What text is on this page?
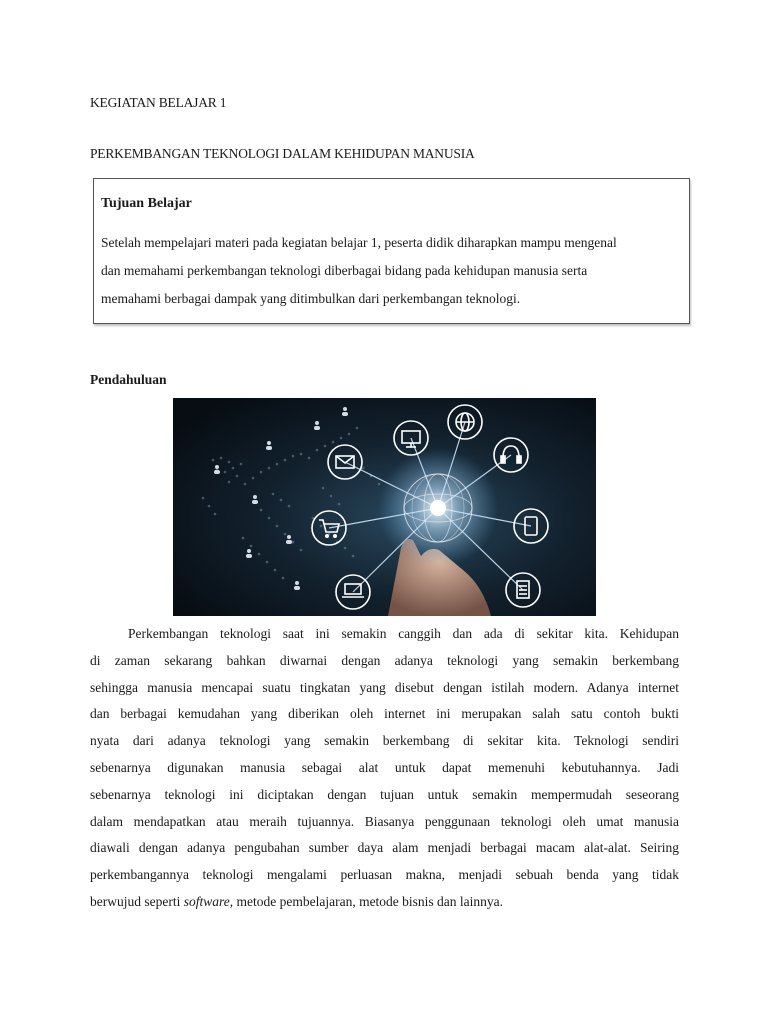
KEGIATAN BELAJAR 1
PERKEMBANGAN TEKNOLOGI DALAM KEHIDUPAN MANUSIA
Tujuan Belajar
Setelah mempelajari materi pada kegiatan belajar 1, peserta didik diharapkan mampu mengenal
dan memahami perkembangan teknologi diberbagai bidang pada kehidupan manusia serta
memahami berbagai dampak yang ditimbulkan dari perkembangan teknologi.
Pendahuluan
Perkembangan teknologi saat ini semakin canggih dan ada di sekitar kita. Kehidupan
di zaman sekarang bahkan diwarnai dengan adanya teknologi yang semakin berkembang
sehingga manusia mencapai suatu tingkatan yang disebut dengan istilah modern. Adanya internet
dan berbagai kemudahan yang diberikan oleh internet ini merupakan salah satu contoh bukti
nyata dari adanya teknologi yang semakin berkembang di sekitar kita. Teknologi sendiri
sebenarnya digunakan manusia sebagai alat untuk dapat memenuhi kebutuhannya. Jadi
sebenarnya teknologi ini diciptakan dengan tujuan untuk semakin mempermudah seseorang
dalam mendapatkan atau meraih tujuannya. Biasanya penggunaan teknologi oleh umat manusia
diawali dengan adanya pengubahan sumber daya alam menjadi berbagai macam alat-alat. Seiring
perkembangannya teknologi mengalami perluasan makna, menjadi sebuah benda yang tidak
berwujud seperti software, metode pembelajaran, metode bisnis dan lainnya.
